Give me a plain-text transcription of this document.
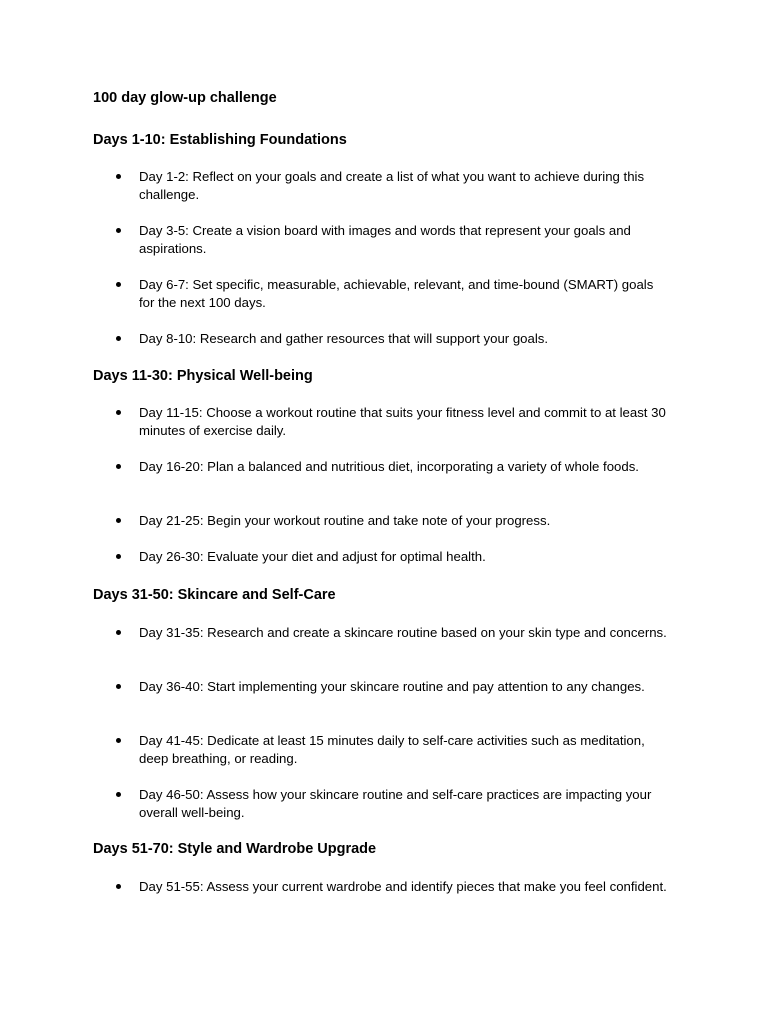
100 day glow-up challenge
Days 1-10: Establishing Foundations
Day 1-2: Reflect on your goals and create a list of what you want to achieve during this challenge.
Day 3-5: Create a vision board with images and words that represent your goals and aspirations.
Day 6-7: Set specific, measurable, achievable, relevant, and time-bound (SMART) goals for the next 100 days.
Day 8-10: Research and gather resources that will support your goals.
Days 11-30: Physical Well-being
Day 11-15: Choose a workout routine that suits your fitness level and commit to at least 30 minutes of exercise daily.
Day 16-20: Plan a balanced and nutritious diet, incorporating a variety of whole foods.
Day 21-25: Begin your workout routine and take note of your progress.
Day 26-30: Evaluate your diet and adjust for optimal health.
Days 31-50: Skincare and Self-Care
Day 31-35: Research and create a skincare routine based on your skin type and concerns.
Day 36-40: Start implementing your skincare routine and pay attention to any changes.
Day 41-45: Dedicate at least 15 minutes daily to self-care activities such as meditation, deep breathing, or reading.
Day 46-50: Assess how your skincare routine and self-care practices are impacting your overall well-being.
Days 51-70: Style and Wardrobe Upgrade
Day 51-55: Assess your current wardrobe and identify pieces that make you feel confident.
